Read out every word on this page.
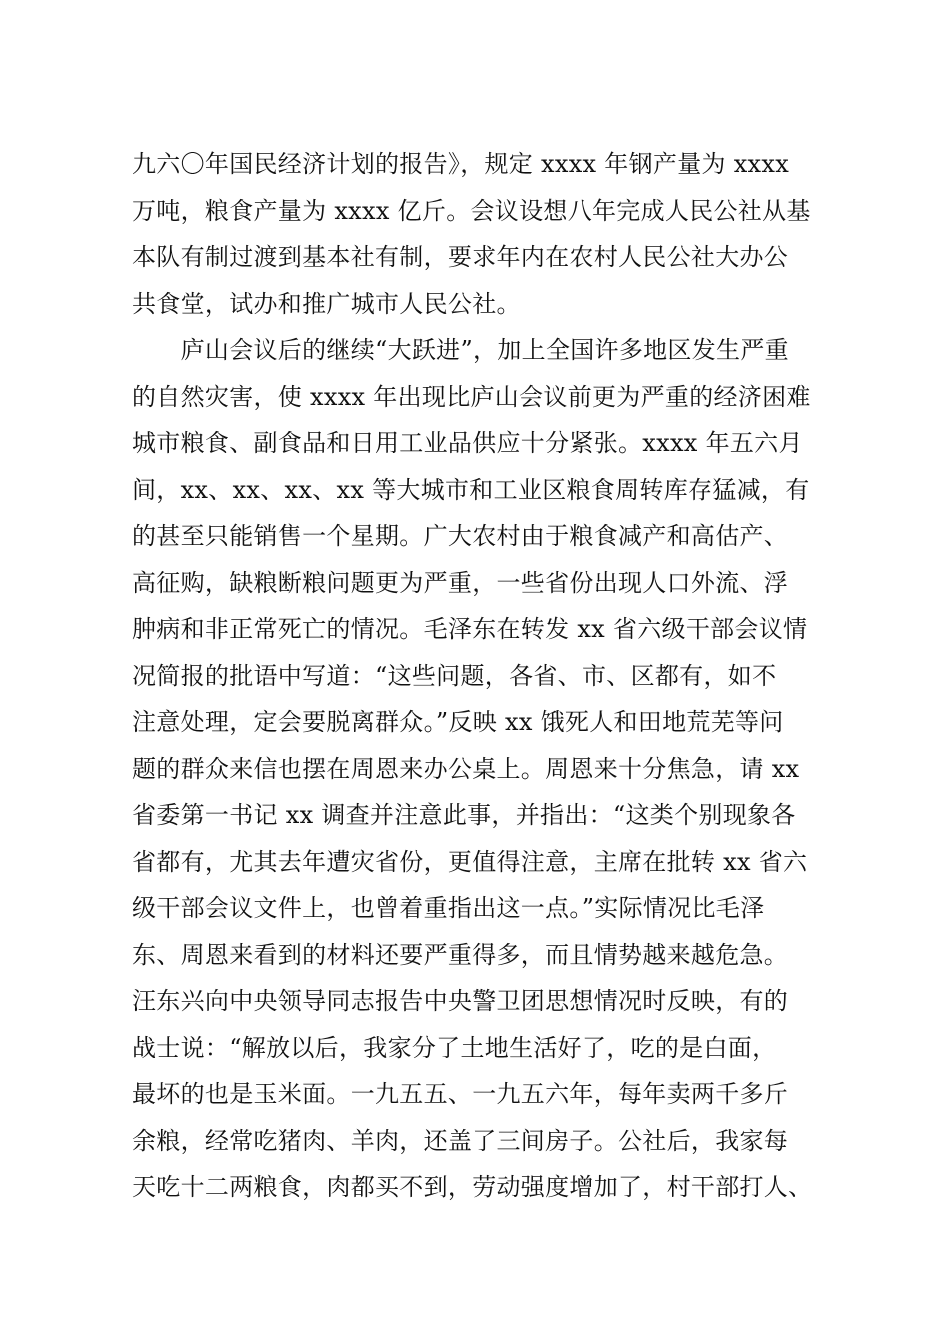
九六〇年国民经济计划的报告》，规定 xxxx 年钢产量为 xxxx
万吨，粮食产量为 xxxx 亿斤。会议设想八年完成人民公社从基
本队有制过渡到基本社有制，要求年内在农村人民公社大办公
共食堂，试办和推广城市人民公社。
　　庐山会议后的继续“大跃进”，加上全国许多地区发生严重
的自然灾害，使 xxxx 年出现比庐山会议前更为严重的经济困难
城市粮食、副食品和日用工业品供应十分紧张。xxxx 年五六月
间，xx、xx、xx、xx 等大城市和工业区粮食周转库存猛减，有
的甚至只能销售一个星期。广大农村由于粮食减产和高估产、
高征购，缺粮断粮问题更为严重，一些省份出现人口外流、浮
肿病和非正常死亡的情况。毛泽东在转发 xx 省六级干部会议情
况简报的批语中写道：“这些问题，各省、市、区都有，如不
注意处理，定会要脱离群众。”反映 xx 饿死人和田地荒芜等问
题的群众来信也摆在周恩来办公桌上。周恩来十分焦急，请 xx
省委第一书记 xx 调查并注意此事，并指出：“这类个别现象各
省都有，尤其去年遭灾省份，更值得注意，主席在批转 xx 省六
级干部会议文件上，也曾着重指出这一点。”实际情况比毛泽
东、周恩来看到的材料还要严重得多，而且情势越来越危急。
汪东兴向中央领导同志报告中央警卫团思想情况时反映，有的
战士说：“解放以后，我家分了土地生活好了，吃的是白面，
最坏的也是玉米面。一九五五、一九五六年，每年卖两千多斤
余粮，经常吃猪肉、羊肉，还盖了三间房子。公社后，我家每
天吃十二两粮食，肉都买不到，劳动强度增加了，村干部打人、
